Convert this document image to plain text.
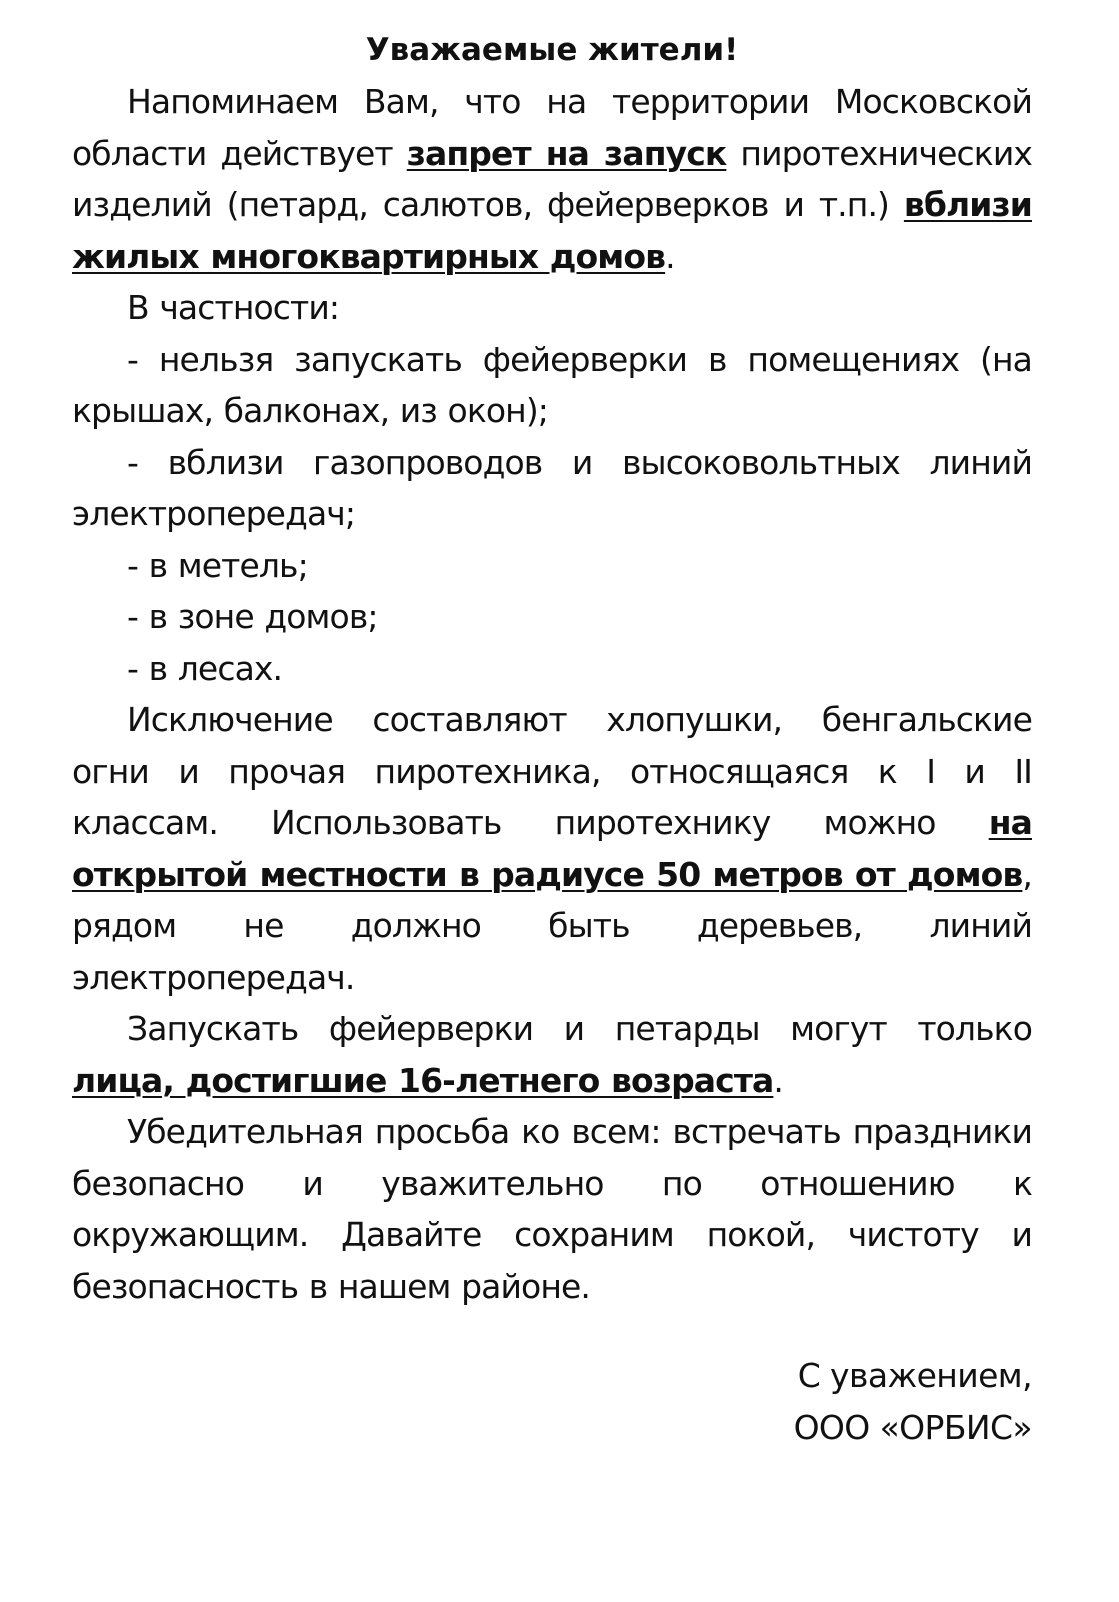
Уважаемые жители!

Напоминаем Вам, что на территории Московской области действует запрет на запуск пиротехнических изделий (петард, салютов, фейерверков и т.п.) вблизи жилых многоквартирных домов.

В частности:

- нельзя запускать фейерверки в помещениях (на крышах, балконах, из окон);

- вблизи газопроводов и высоковольтных линий электропередач;

- в метель;

- в зоне домов;

- в лесах.

Исключение составляют хлопушки, бенгальские огни и прочая пиротехника, относящаяся к I и II классам. Использовать пиротехнику можно на открытой местности в радиусе 50 метров от домов, рядом не должно быть деревьев, линий электропередач.

Запускать фейерверки и петарды могут только лица, достигшие 16-летнего возраста.

Убедительная просьба ко всем: встречать праздники безопасно и уважительно по отношению к окружающим. Давайте сохраним покой, чистоту и безопасность в нашем районе.

С уважением,
ООО «ОРБИС»
